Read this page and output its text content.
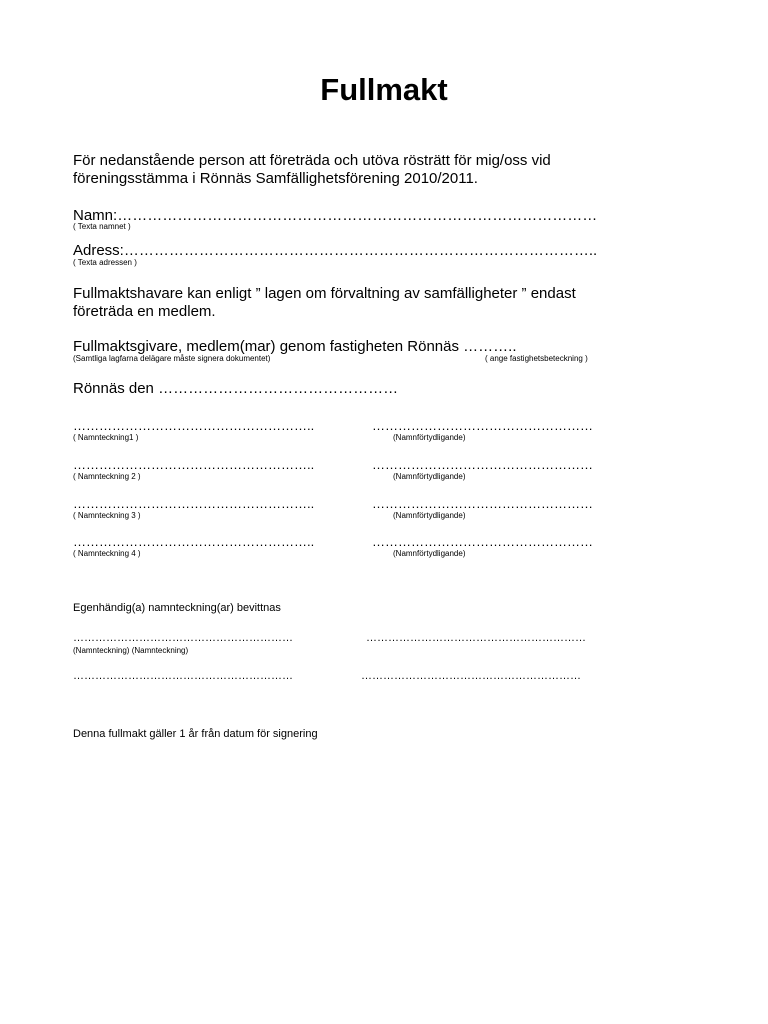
Fullmakt
För nedanstående person att företräda och utöva rösträtt för mig/oss vid
föreningsstämma i Rönnäs Samfällighetsförening 2010/2011.
Namn:……………………………………………………………………………………
( Texta namnet )
Adress:…………………………………………………………………………………..
( Texta adressen )
Fullmaktshavare kan enligt ” lagen om förvaltning av samfälligheter ” endast
företräda en medlem.
Fullmaktsgivare, medlem(mar) genom fastigheten Rönnäs ………..
(Samtliga lagfarna delägare måste signera dokumentet)	( ange fastighetsbeteckning )
Rönnäs den …………………………………………
………………………………………………..	……………………………………………
( Namnteckning1 )	(Namnförtydligande)
………………………………………………..	……………………………………………
( Namnteckning 2 )	(Namnförtydligande)
………………………………………………..	……………………………………………
( Namnteckning 3 )	(Namnförtydligande)
………………………………………………..	……………………………………………
( Namnteckning 4 )	(Namnförtydligande)
Egenhändig(a) namnteckning(ar) bevittnas
……………………………………………………	……………………………………………………
(Namnteckning) (Namnteckning)
……………………………………………………	……………………………………………………
Denna fullmakt gäller 1 år från datum för signering
